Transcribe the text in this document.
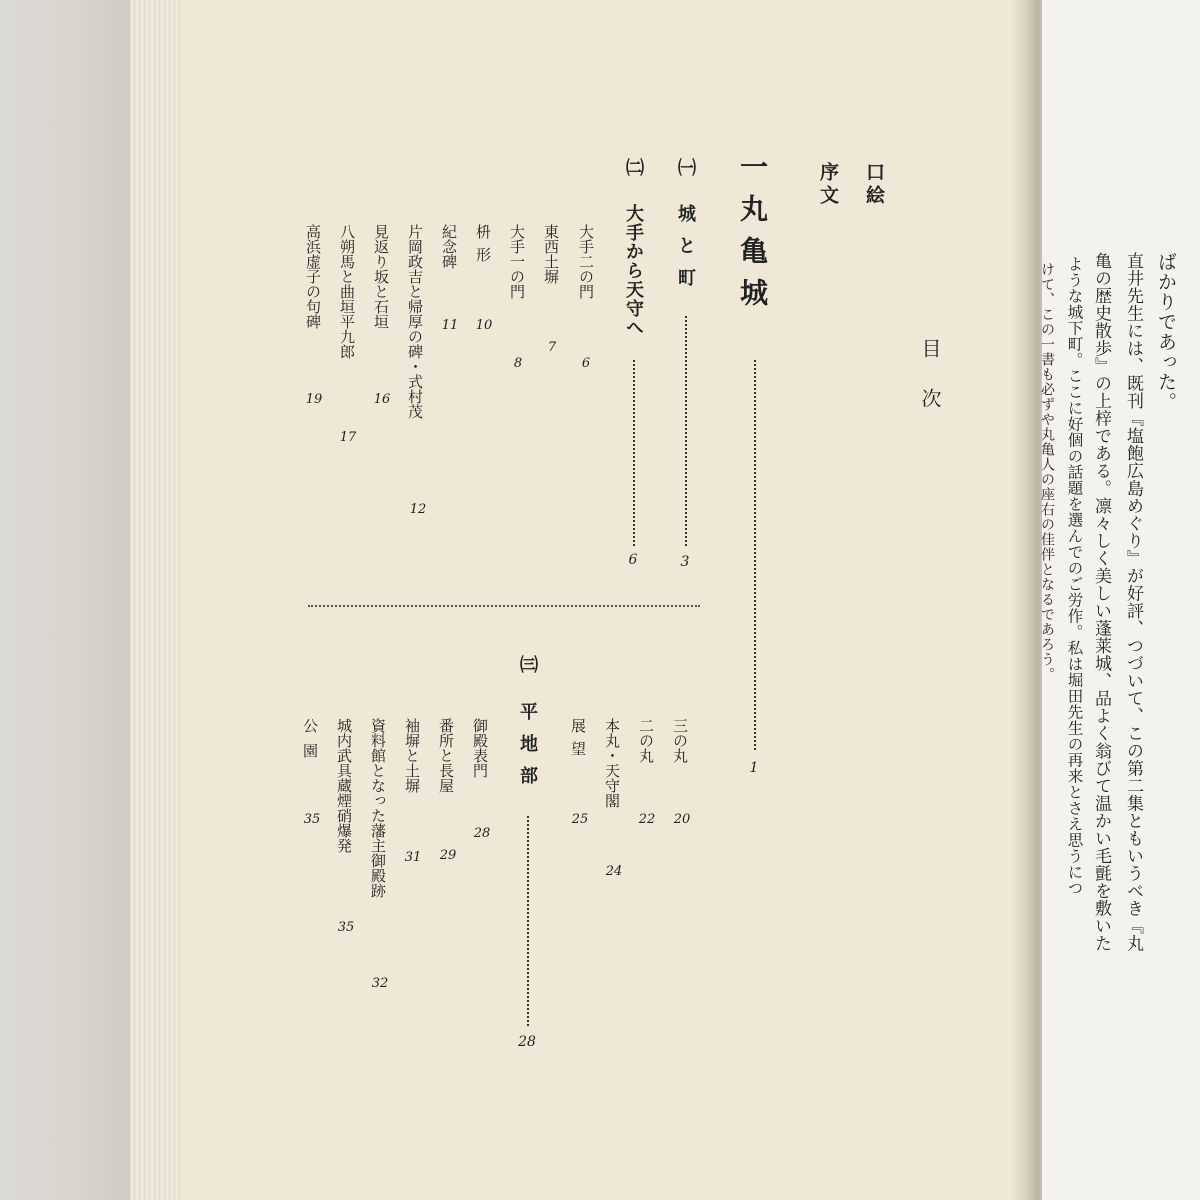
目次
口絵
序文
一丸亀城
1
㈠
城と町
3
㈡
大手から天守へ
6
大手二の門
6
東西土塀
7
大手一の門
8
枡形
10
紀念碑
11
片岡政吉と帰厚の碑・式村茂
12
見返り坂と石垣
16
八朔馬と曲垣平九郎
17
高浜虚子の句碑
19
㈢
平地部
28
三の丸
20
二の丸
22
本丸・天守閣
24
展望
25
御殿表門
28
番所と長屋
29
袖塀と土塀
31
資料館となった藩主御殿跡
32
城内武具蔵煙硝爆発
35
公園
35
ばかりであった。
直井先生には、既刊『塩飽広島めぐり』が好評、つづいて、この第二集ともいうべき『丸
亀の歴史散歩』の上梓である。凛々しく美しい蓬莱城、品よく翁びて温かい毛氈を敷いた
ような城下町。ここに好個の話題を選んでのご労作。私は堀田先生の再来とさえ思うにつ
けて、この一書も必ずや丸亀人の座右の佳伴となるであろう。
